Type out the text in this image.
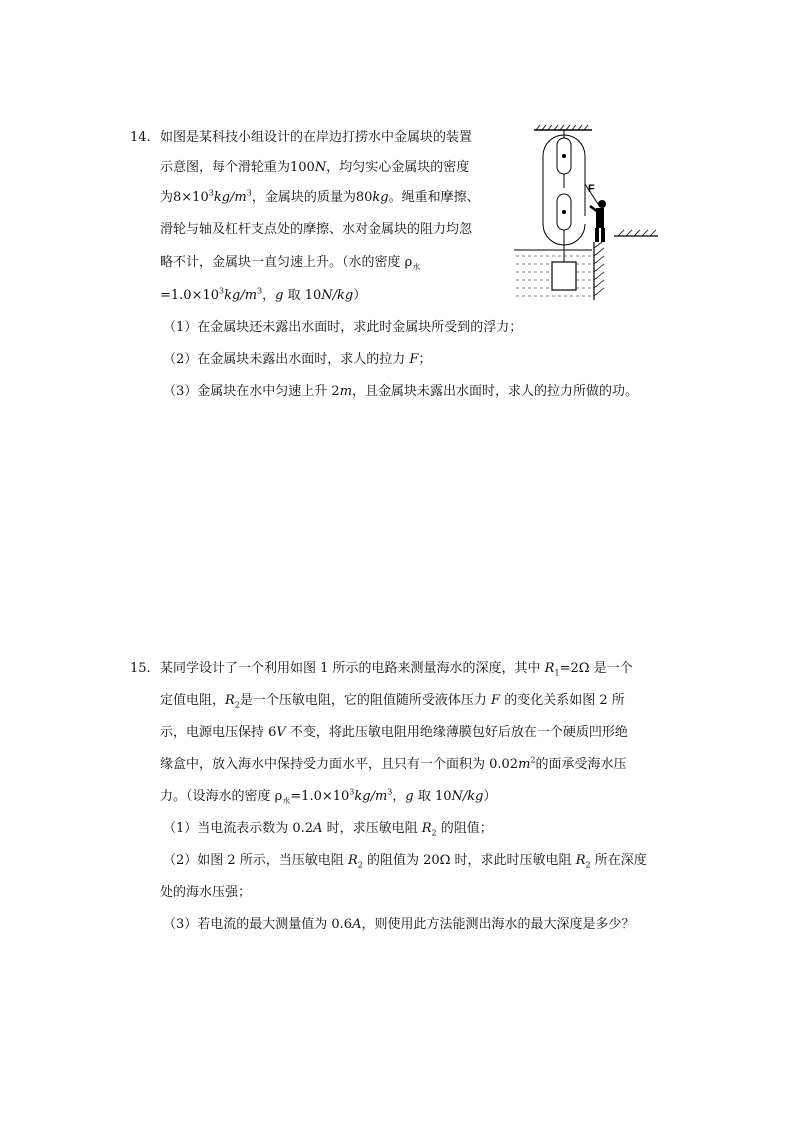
14. 如图是某科技小组设计的在岸边打捞水中金属块的装置
示意图，每个滑轮重为100N，均匀实心金属块的密度
为$8\times 10^3kg/m^3$，金属块的质量为80kg。绳重和摩擦、
滑轮与轴及杠杆支点处的摩擦、水对金属块的阻力均忽
略不计，金属块一直匀速上升。（水的密度 $\rho_水$
$=1.0\times 10^3kg/m^3$，g 取 10N/kg）
（1）在金属块还未露出水面时，求此时金属块所受到的浮力；
（2）在金属块未露出水面时，求人的拉力 F；
（3）金属块在水中匀速上升 2m，且金属块未露出水面时，求人的拉力所做的功。
F
15. 某同学设计了一个利用如图 1 所示的电路来测量海水的深度，其中 $R_1=2\Omega$ 是一个
定值电阻，$R_2$是一个压敏电阻，它的阻值随所受液体压力 F 的变化关系如图 2 所
示，电源电压保持 6V 不变，将此压敏电阻用绝缘薄膜包好后放在一个硬质凹形绝
缘盒中，放入海水中保持受力面水平，且只有一个面积为 $0.02m^2$的面承受海水压
力。（设海水的密度 $\rho_水=1.0\times 10^3kg/m^3$，g 取 10N/kg）
（1）当电流表示数为 0.2A 时，求压敏电阻 $R_2$ 的阻值；
（2）如图 2 所示，当压敏电阻 $R_2$ 的阻值为 20Ω 时，求此时压敏电阻 $R_2$ 所在深度
处的海水压强；
（3）若电流的最大测量值为 0.6A，则使用此方法能测出海水的最大深度是多少？
